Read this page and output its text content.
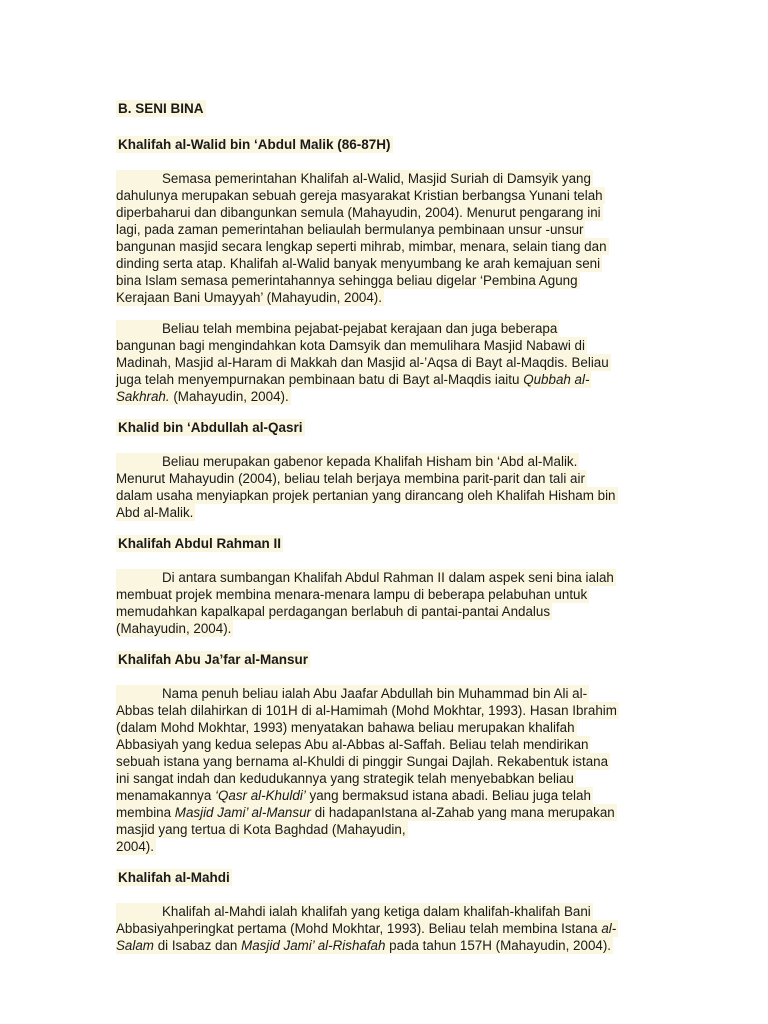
B. SENI BINA
Khalifah al-Walid bin ‘Abdul Malik (86-87H)
Semasa pemerintahan Khalifah al-Walid, Masjid Suriah di Damsyik yang
dahulunya merupakan sebuah gereja masyarakat Kristian berbangsa Yunani telah
diperbaharui dan dibangunkan semula (Mahayudin, 2004). Menurut pengarang ini
lagi, pada zaman pemerintahan beliaulah bermulanya pembinaan unsur -unsur
bangunan masjid secara lengkap seperti mihrab, mimbar, menara, selain tiang dan
dinding serta atap. Khalifah al-Walid banyak menyumbang ke arah kemajuan seni
bina Islam semasa pemerintahannya sehingga beliau digelar ‘Pembina Agung
Kerajaan Bani Umayyah’ (Mahayudin, 2004).
Beliau telah membina pejabat-pejabat kerajaan dan juga beberapa
bangunan bagi mengindahkan kota Damsyik dan memulihara Masjid Nabawi di
Madinah, Masjid al-Haram di Makkah dan Masjid al-’Aqsa di Bayt al-Maqdis. Beliau
juga telah menyempurnakan pembinaan batu di Bayt al-Maqdis iaitu Qubbah al-
Sakhrah. (Mahayudin, 2004).
Khalid bin ‘Abdullah al-Qasri
Beliau merupakan gabenor kepada Khalifah Hisham bin ‘Abd al-Malik.
Menurut Mahayudin (2004), beliau telah berjaya membina parit-parit dan tali air
dalam usaha menyiapkan projek pertanian yang dirancang oleh Khalifah Hisham bin
Abd al-Malik.
Khalifah Abdul Rahman II
Di antara sumbangan Khalifah Abdul Rahman II dalam aspek seni bina ialah
membuat projek membina menara-menara lampu di beberapa pelabuhan untuk
memudahkan kapalkapal perdagangan berlabuh di pantai-pantai Andalus
(Mahayudin, 2004).
Khalifah Abu Ja’far al-Mansur
Nama penuh beliau ialah Abu Jaafar Abdullah bin Muhammad bin Ali al-
Abbas telah dilahirkan di 101H di al-Hamimah (Mohd Mokhtar, 1993). Hasan Ibrahim
(dalam Mohd Mokhtar, 1993) menyatakan bahawa beliau merupakan khalifah
Abbasiyah yang kedua selepas Abu al-Abbas al-Saffah. Beliau telah mendirikan
sebuah istana yang bernama al-Khuldi di pinggir Sungai Dajlah. Rekabentuk istana
ini sangat indah dan kedudukannya yang strategik telah menyebabkan beliau
menamakannya ‘Qasr al-Khuldi’ yang bermaksud istana abadi. Beliau juga telah
membina Masjid Jami’ al-Mansur di hadapanIstana al-Zahab yang mana merupakan
masjid yang tertua di Kota Baghdad (Mahayudin,
2004).
Khalifah al-Mahdi
Khalifah al-Mahdi ialah khalifah yang ketiga dalam khalifah-khalifah Bani
Abbasiyahperingkat pertama (Mohd Mokhtar, 1993). Beliau telah membina Istana al-
Salam di Isabaz dan Masjid Jami’ al-Rishafah pada tahun 157H (Mahayudin, 2004).
